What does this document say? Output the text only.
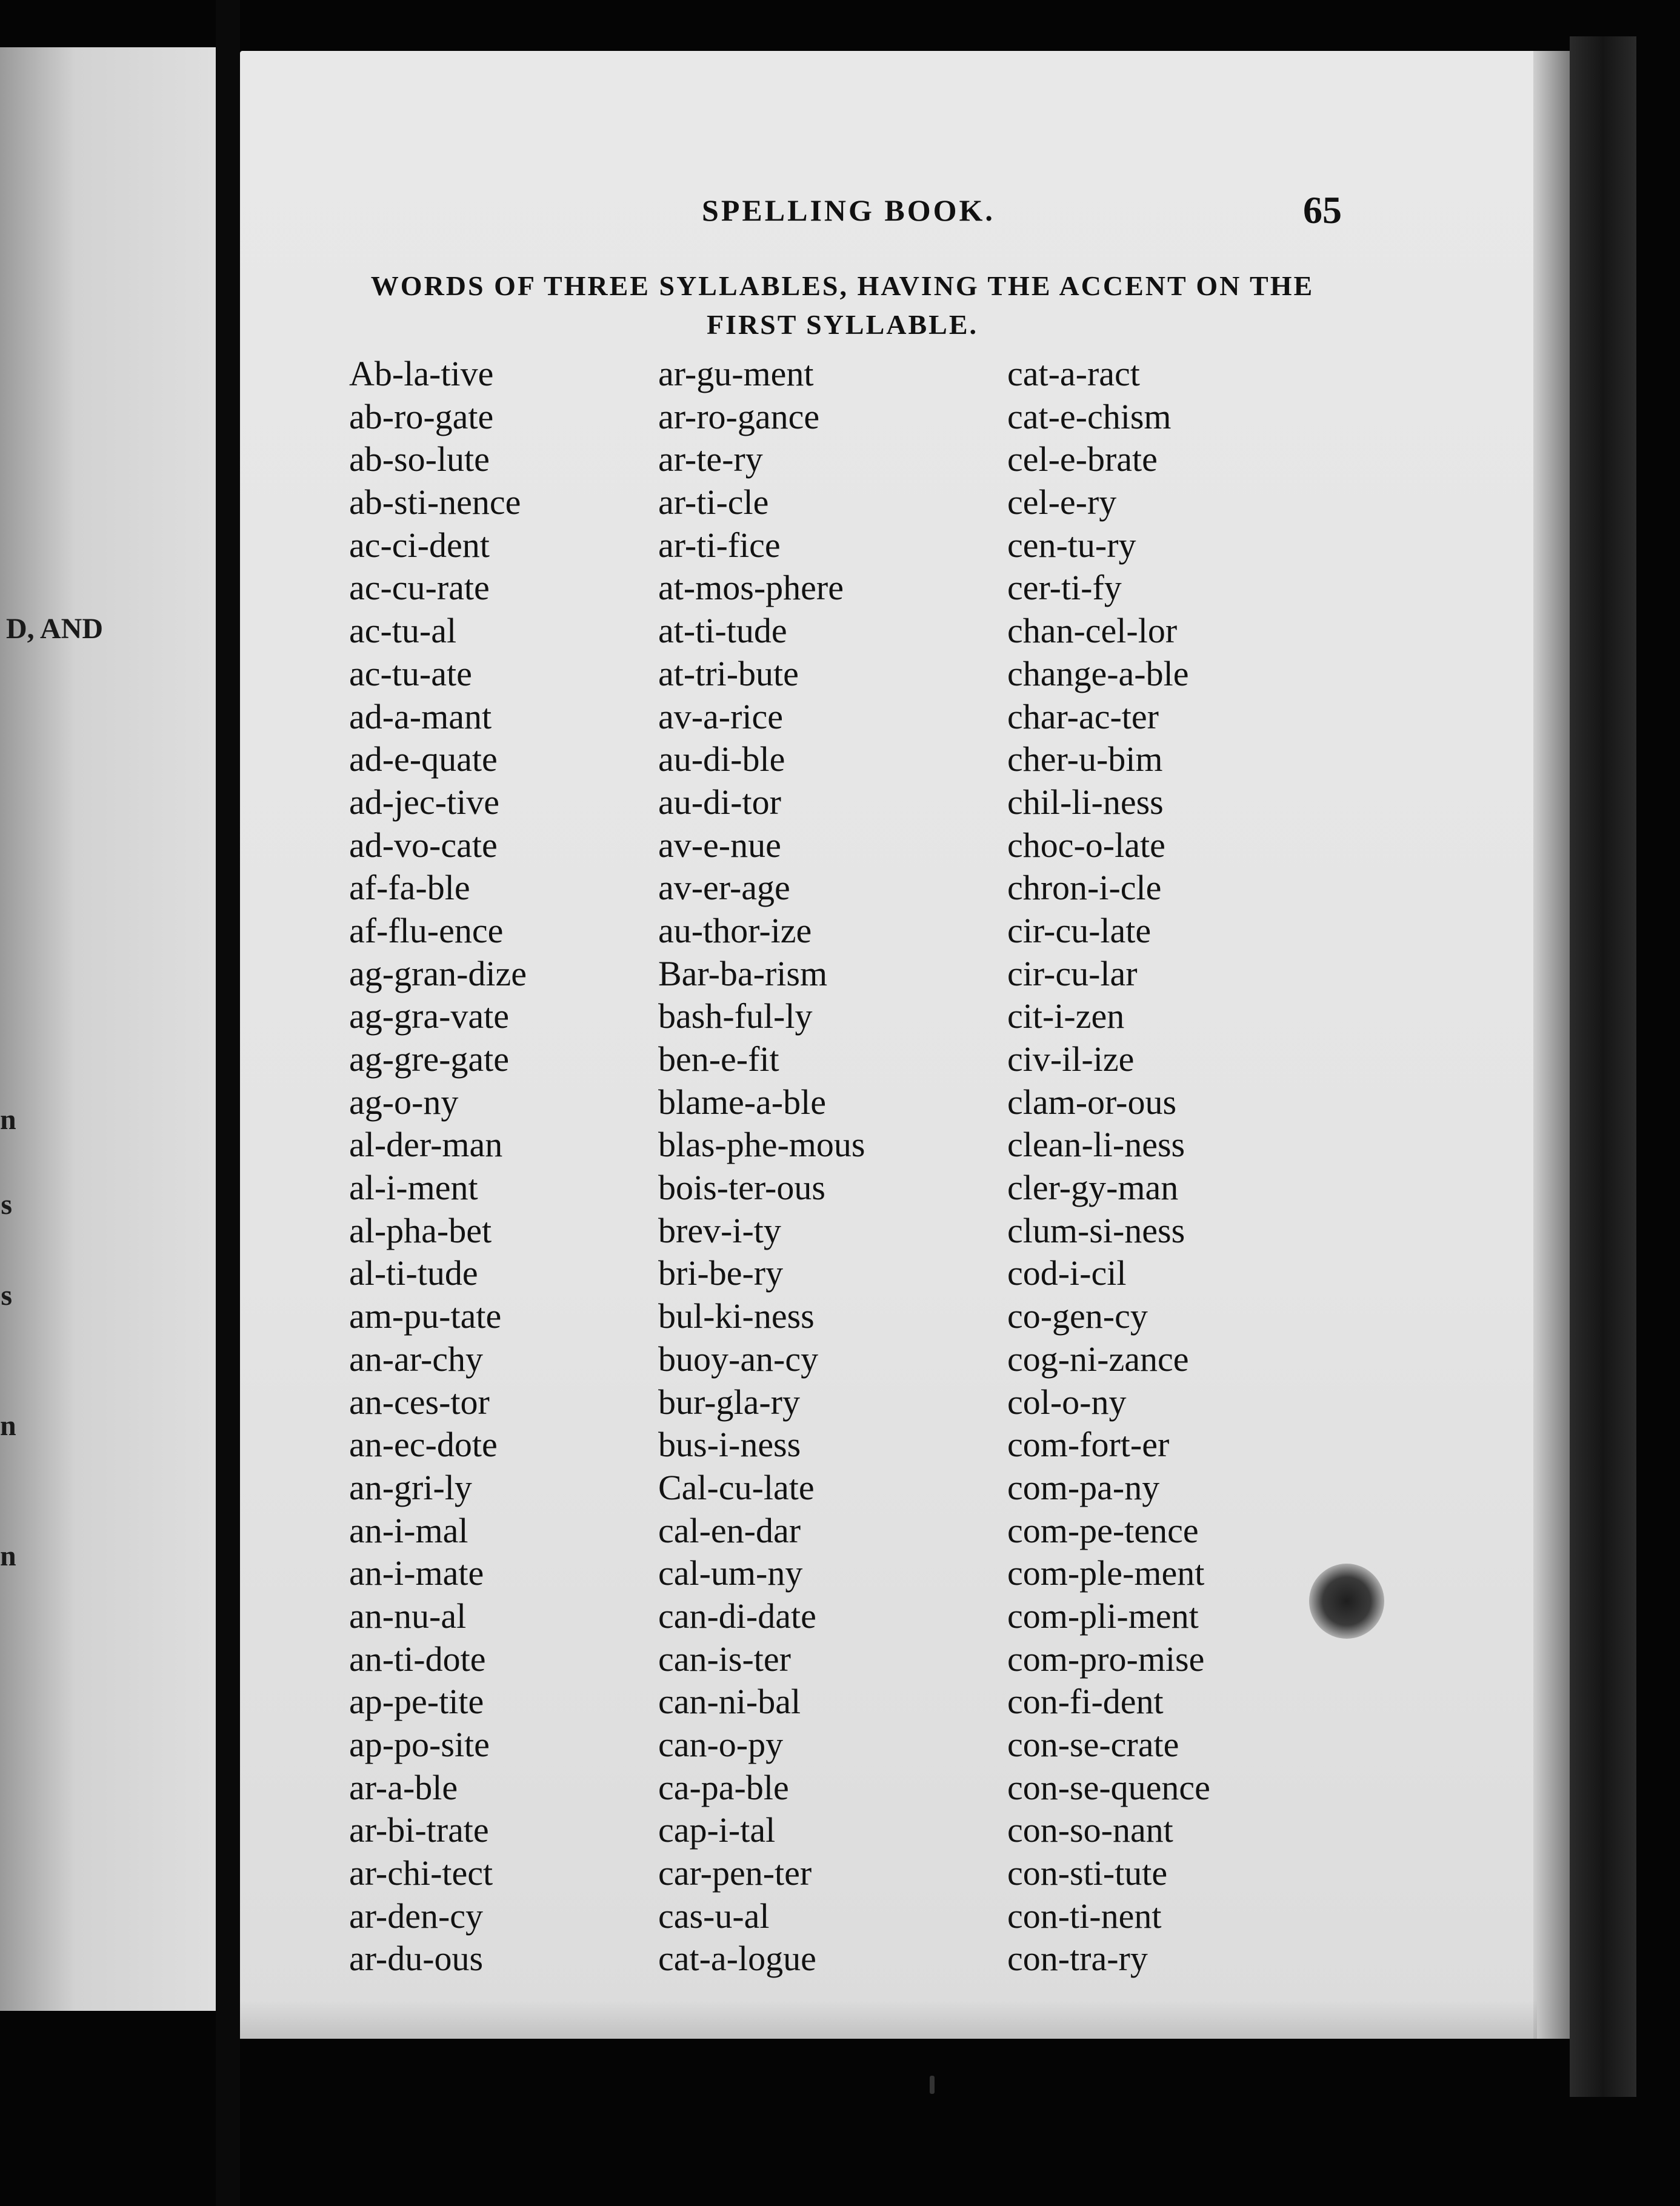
D, AND
n
s
s
n
n
SPELLING BOOK.	65
WORDS OF THREE SYLLABLES, HAVING THE ACCENT ON THE
FIRST SYLLABLE.
Ab-la-tive
ab-ro-gate
ab-so-lute
ab-sti-nence
ac-ci-dent
ac-cu-rate
ac-tu-al
ac-tu-ate
ad-a-mant
ad-e-quate
ad-jec-tive
ad-vo-cate
af-fa-ble
af-flu-ence
ag-gran-dize
ag-gra-vate
ag-gre-gate
ag-o-ny
al-der-man
al-i-ment
al-pha-bet
al-ti-tude
am-pu-tate
an-ar-chy
an-ces-tor
an-ec-dote
an-gri-ly
an-i-mal
an-i-mate
an-nu-al
an-ti-dote
ap-pe-tite
ap-po-site
ar-a-ble
ar-bi-trate
ar-chi-tect
ar-den-cy
ar-du-ous
ar-gu-ment
ar-ro-gance
ar-te-ry
ar-ti-cle
ar-ti-fice
at-mos-phere
at-ti-tude
at-tri-bute
av-a-rice
au-di-ble
au-di-tor
av-e-nue
av-er-age
au-thor-ize
Bar-ba-rism
bash-ful-ly
ben-e-fit
blame-a-ble
blas-phe-mous
bois-ter-ous
brev-i-ty
bri-be-ry
bul-ki-ness
buoy-an-cy
bur-gla-ry
bus-i-ness
Cal-cu-late
cal-en-dar
cal-um-ny
can-di-date
can-is-ter
can-ni-bal
can-o-py
ca-pa-ble
cap-i-tal
car-pen-ter
cas-u-al
cat-a-logue
cat-a-ract
cat-e-chism
cel-e-brate
cel-e-ry
cen-tu-ry
cer-ti-fy
chan-cel-lor
change-a-ble
char-ac-ter
cher-u-bim
chil-li-ness
choc-o-late
chron-i-cle
cir-cu-late
cir-cu-lar
cit-i-zen
civ-il-ize
clam-or-ous
clean-li-ness
cler-gy-man
clum-si-ness
cod-i-cil
co-gen-cy
cog-ni-zance
col-o-ny
com-fort-er
com-pa-ny
com-pe-tence
com-ple-ment
com-pli-ment
com-pro-mise
con-fi-dent
con-se-crate
con-se-quence
con-so-nant
con-sti-tute
con-ti-nent
con-tra-ry
